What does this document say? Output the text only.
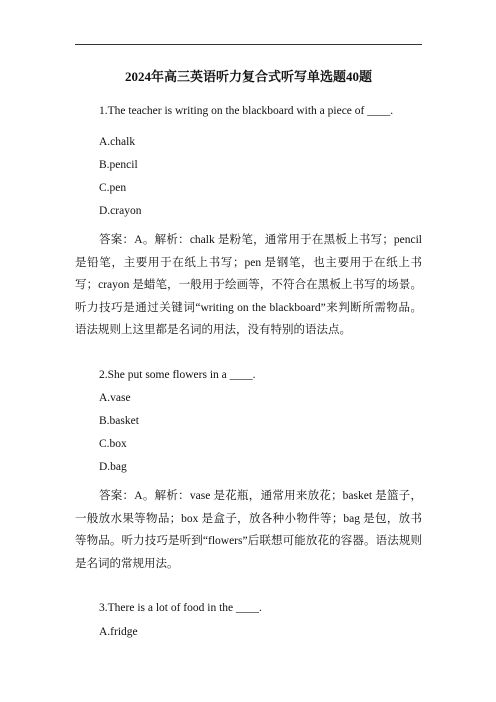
2024年高三英语听力复合式听写单选题40题
1.The teacher is writing on the blackboard with a piece of ____.
A.chalk
B.pencil
C.pen
D.crayon
答案：A。解析：chalk 是粉笔，通常用于在黑板上书写；pencil 是铅笔，主要用于在纸上书写；pen 是钢笔，也主要用于在纸上书写；crayon 是蜡笔，一般用于绘画等，不符合在黑板上书写的场景。听力技巧是通过关键词“writing on the blackboard”来判断所需物品。语法规则上这里都是名词的用法，没有特别的语法点。
2.She put some flowers in a ____.
A.vase
B.basket
C.box
D.bag
答案：A。解析：vase 是花瓶，通常用来放花；basket 是篮子，一般放水果等物品；box 是盒子，放各种小物件等；bag 是包，放书等物品。听力技巧是听到“flowers”后联想可能放花的容器。语法规则是名词的常规用法。
3.There is a lot of food in the ____.
A.fridge
